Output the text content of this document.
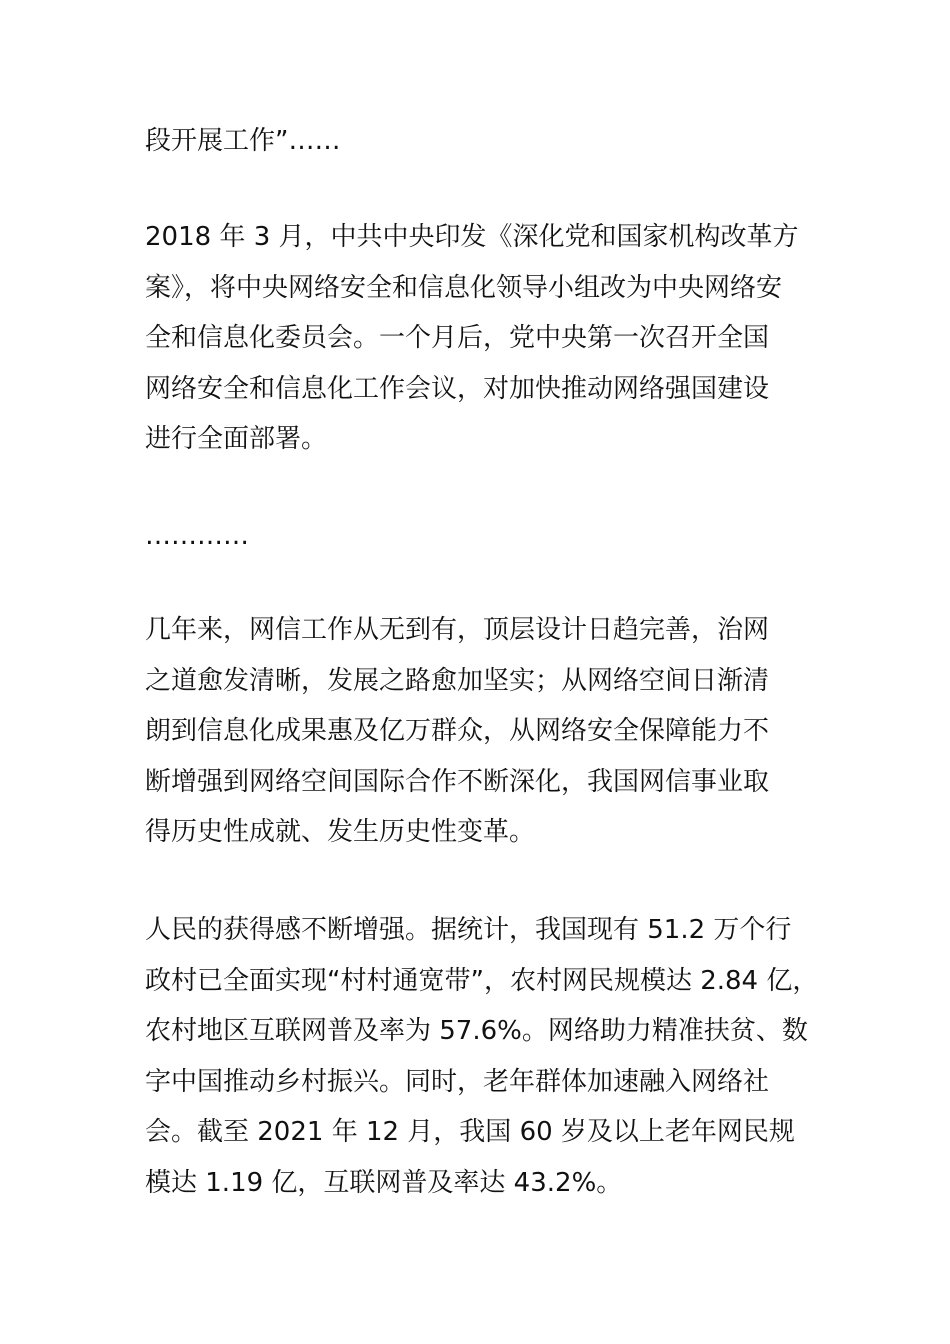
段开展工作”……

2018 年 3 月，中共中央印发《深化党和国家机构改革方
案》，将中央网络安全和信息化领导小组改为中央网络安
全和信息化委员会。一个月后，党中央第一次召开全国
网络安全和信息化工作会议，对加快推动网络强国建设
进行全面部署。

…………

几年来，网信工作从无到有，顶层设计日趋完善，治网
之道愈发清晰，发展之路愈加坚实；从网络空间日渐清
朗到信息化成果惠及亿万群众，从网络安全保障能力不
断增强到网络空间国际合作不断深化，我国网信事业取
得历史性成就、发生历史性变革。

人民的获得感不断增强。据统计，我国现有 51.2 万个行
政村已全面实现“村村通宽带”，农村网民规模达 2.84 亿，
农村地区互联网普及率为 57.6%。网络助力精准扶贫、数
字中国推动乡村振兴。同时，老年群体加速融入网络社
会。截至 2021 年 12 月，我国 60 岁及以上老年网民规
模达 1.19 亿，互联网普及率达 43.2%。
